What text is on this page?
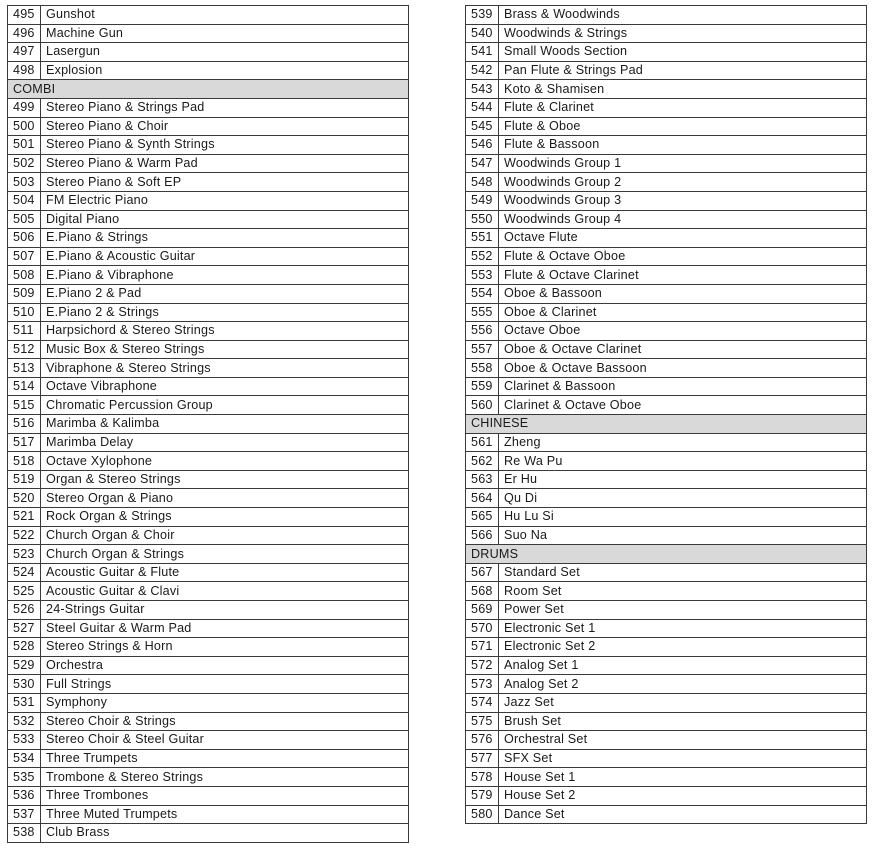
495	Gunshot
496	Machine Gun
497	Lasergun
498	Explosion
COMBI	
499	Stereo Piano & Strings Pad
500	Stereo Piano & Choir
501	Stereo Piano & Synth Strings
502	Stereo Piano & Warm Pad
503	Stereo Piano & Soft EP
504	FM Electric Piano
505	Digital Piano
506	E.Piano & Strings
507	E.Piano & Acoustic Guitar
508	E.Piano & Vibraphone
509	E.Piano 2 & Pad
510	E.Piano 2 & Strings
511	Harpsichord & Stereo Strings
512	Music Box & Stereo Strings
513	Vibraphone & Stereo Strings
514	Octave Vibraphone
515	Chromatic Percussion Group
516	Marimba & Kalimba
517	Marimba Delay
518	Octave Xylophone
519	Organ & Stereo Strings
520	Stereo Organ & Piano
521	Rock Organ & Strings
522	Church Organ & Choir
523	Church Organ & Strings
524	Acoustic Guitar & Flute
525	Acoustic Guitar & Clavi
526	24-Strings Guitar
527	Steel Guitar & Warm Pad
528	Stereo Strings & Horn
529	Orchestra
530	Full Strings
531	Symphony
532	Stereo Choir & Strings
533	Stereo Choir & Steel Guitar
534	Three Trumpets
535	Trombone & Stereo Strings
536	Three Trombones
537	Three Muted Trumpets
538	Club Brass
539	Brass & Woodwinds
540	Woodwinds & Strings
541	Small Woods Section
542	Pan Flute & Strings Pad
543	Koto & Shamisen
544	Flute & Clarinet
545	Flute & Oboe
546	Flute & Bassoon
547	Woodwinds Group 1
548	Woodwinds Group 2
549	Woodwinds Group 3
550	Woodwinds Group 4
551	Octave Flute
552	Flute & Octave Oboe
553	Flute & Octave Clarinet
554	Oboe & Bassoon
555	Oboe & Clarinet
556	Octave Oboe
557	Oboe & Octave Clarinet
558	Oboe & Octave Bassoon
559	Clarinet & Bassoon
560	Clarinet & Octave Oboe
CHINESE	
561	Zheng
562	Re Wa Pu
563	Er Hu
564	Qu Di
565	Hu Lu Si
566	Suo Na
DRUMS	
567	Standard Set
568	Room Set
569	Power Set
570	Electronic Set 1
571	Electronic Set 2
572	Analog Set 1
573	Analog Set 2
574	Jazz Set
575	Brush Set
576	Orchestral Set
577	SFX Set
578	House Set 1
579	House Set 2
580	Dance Set
